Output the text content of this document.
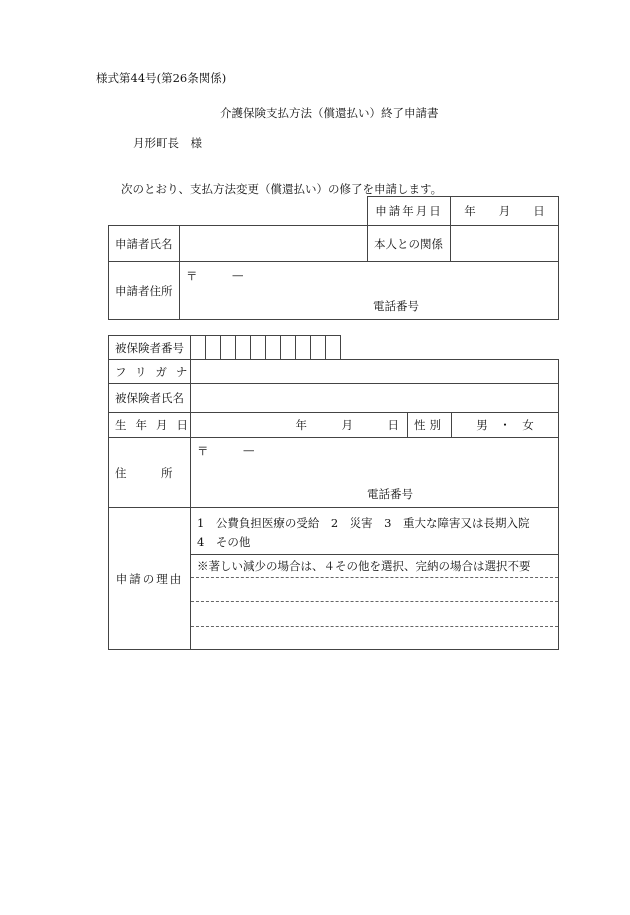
様式第44号(第26条関係)
介護保険支払方法（償還払い）終了申請書
月形町長　様
次のとおり、支払方法変更（償還払い）の修了を申請します。
		申請年月日	年　　月　　日
申請者氏名		本人との関係	
申請者住所	〒 —
電話番号		
被保険者番号			

フリガナ			
被保険者氏名			
生年月日	年　　　月　　　日	性別	男　・　女
住　　　所	〒 —
電話番号		

申請の理由	1　公費負担医療の受給　2　災害　3　重大な障害又は長期入院
4　その他
※著しい減少の場合は、４その他を選択、完納の場合は選択不要		
